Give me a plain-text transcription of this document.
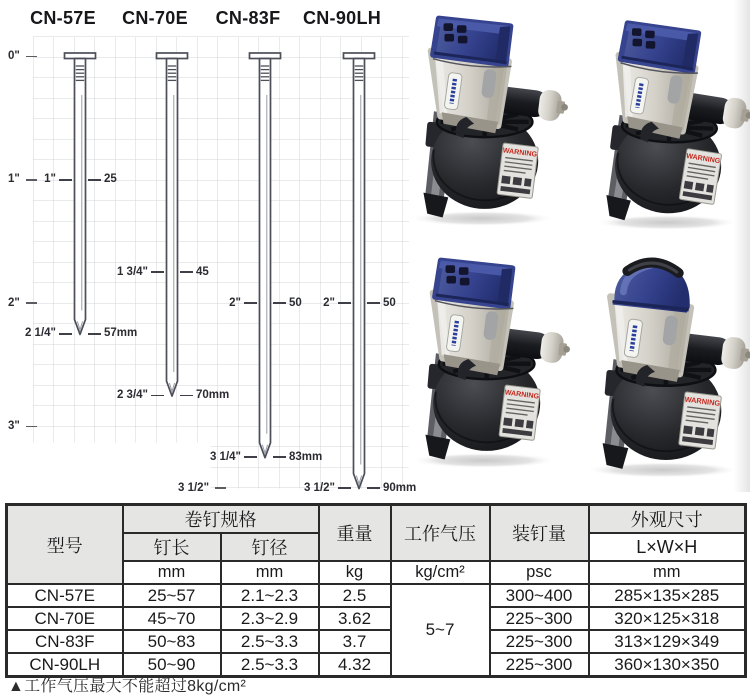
CN-57E CN-70E CN-83F CN-90LH
0"
1"
2"
3"
3 1/2"
1"	25
2 1/4"	57mm
1 3/4"	45
2 3/4"	70mm
2"	50
3 1/4"	83mm
2"	50
3 1/2"	90mm
型号	卷钉规格		重量	工作气压	装钉量	外观尺寸
	钉长	钉径				L×W×H
	mm	mm	kg	kg/cm²	psc	mm
CN-57E	25~57	2.1~2.3	2.5	5~7	300~400	285×135×285
CN-70E	45~70	2.3~2.9	3.62		225~300	320×125×318
CN-83F	50~83	2.5~3.3	3.7		225~300	313×129×349
CN-90LH	50~90	2.5~3.3	4.32		225~300	360×130×350
▲工作气压最大不能超过8kg/cm²
